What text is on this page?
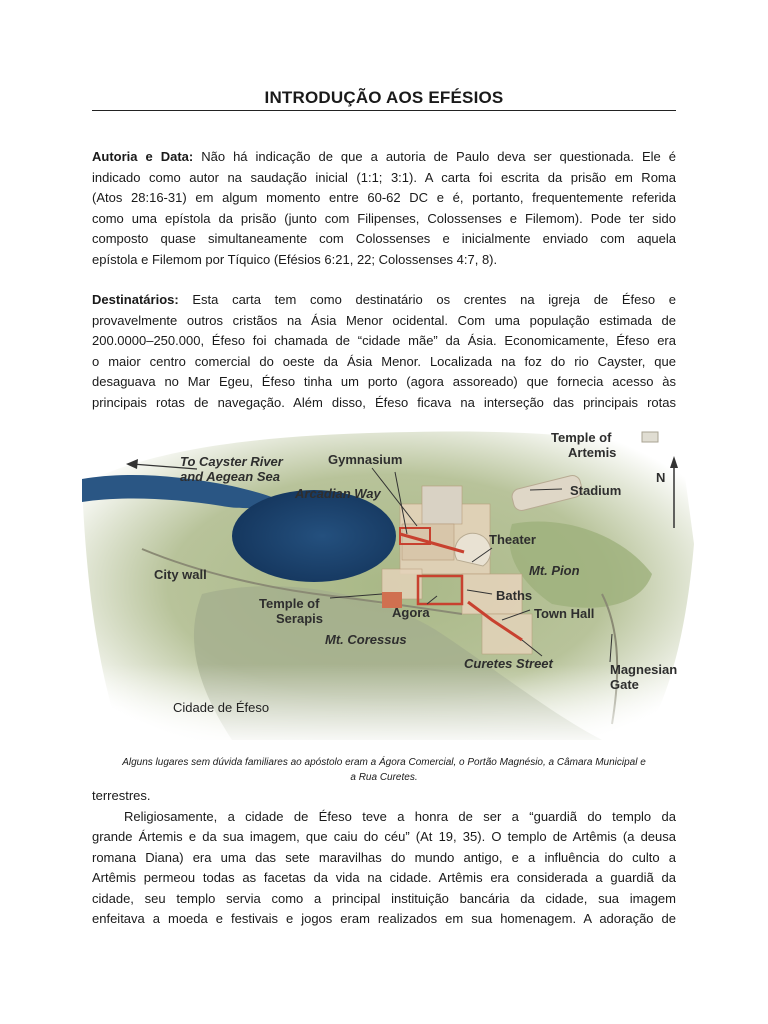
INTRODUÇÃO AOS EFÉSIOS
Autoria e Data: Não há indicação de que a autoria de Paulo deva ser questionada. Ele é
indicado como autor na saudação inicial (1:1; 3:1). A carta foi escrita da prisão em Roma
(Atos 28:16-31) em algum momento entre 60-62 DC e é, portanto, frequentemente referida
como uma epístola da prisão (junto com Filipenses, Colossenses e Filemom). Pode ter sido
composto quase simultaneamente com Colossenses e inicialmente enviado com aquela
epístola e Filemom por Tíquico (Efésios 6:21, 22; Colossenses 4:7, 8).
Destinatários: Esta carta tem como destinatário os crentes na igreja de Éfeso e
provavelmente outros cristãos na Ásia Menor ocidental. Com uma população estimada de
200.0000–250.000, Éfeso foi chamada de “cidade mãe” da Ásia. Economicamente, Éfeso era
o maior centro comercial do oeste da Ásia Menor. Localizada na foz do rio Cayster, que
desaguava no Mar Egeu, Éfeso tinha um porto (agora assoreado) que fornecia acesso às
principais rotas de navegação. Além disso, Éfeso ficava na interseção das principais rotas
To Cayster River
and Aegean Sea
Gymnasium
Arcadian Way
Temple of
Artemis
Stadium
N
Theater
City wall	Mt. Pion
Baths
Temple of
Serapis	Agora	Town Hall
Mt. Coressus
Curetes Street	Magnesian
Gate
Cidade de Éfeso
Alguns lugares sem dúvida familiares ao apóstolo eram a Ágora Comercial, o Portão Magnésio, a Câmara Municipal e
a Rua Curetes.
terrestres.
Religiosamente, a cidade de Éfeso teve a honra de ser a “guardiã do templo da
grande Ártemis e da sua imagem, que caiu do céu” (At 19, 35). O templo de Artêmis (a deusa
romana Diana) era uma das sete maravilhas do mundo antigo, e a influência do culto a
Artêmis permeou todas as facetas da vida na cidade. Artêmis era considerada a guardiã da
cidade, seu templo servia como a principal instituição bancária da cidade, sua imagem
enfeitava a moeda e festivais e jogos eram realizados em sua homenagem. A adoração de
